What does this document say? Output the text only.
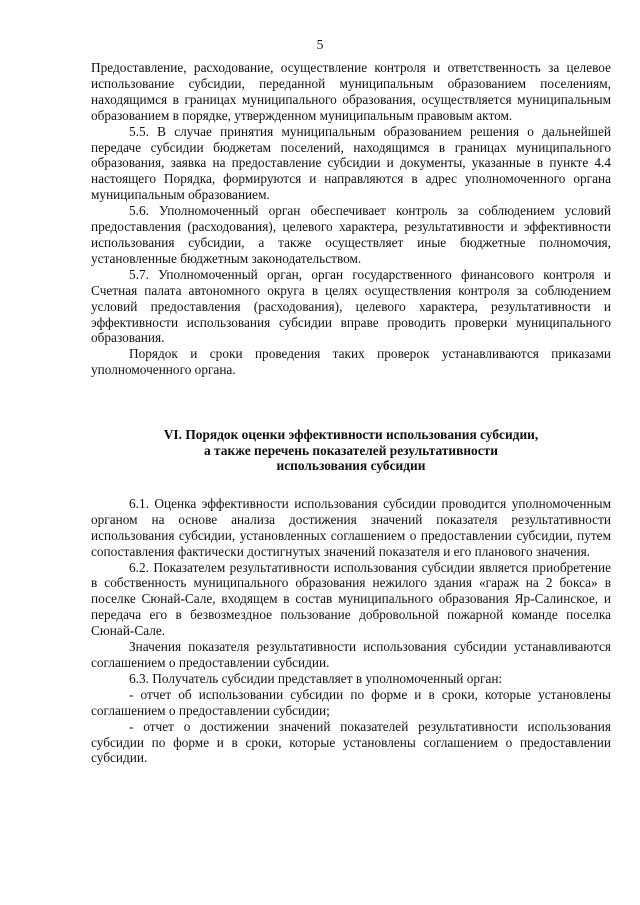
5

Предоставление, расходование, осуществление контроля и ответственность за целевое использование субсидии, переданной муниципальным образованием поселениям, находящимся в границах муниципального образования, осуществляется муниципальным образованием в порядке, утвержденном муниципальным правовым актом.

5.5. В случае принятия муниципальным образованием решения о дальнейшей передаче субсидии бюджетам поселений, находящимся в границах муниципального образования, заявка на предоставление субсидии и документы, указанные в пункте 4.4 настоящего Порядка, формируются и направляются в адрес уполномоченного органа муниципальным образованием.

5.6. Уполномоченный орган обеспечивает контроль за соблюдением условий предоставления (расходования), целевого характера, результативности и эффективности использования субсидии, а также осуществляет иные бюджетные полномочия, установленные бюджетным законодательством.

5.7. Уполномоченный орган, орган государственного финансового контроля и Счетная палата автономного округа в целях осуществления контроля за соблюдением условий предоставления (расходования), целевого характера, результативности и эффективности использования субсидии вправе проводить проверки муниципального образования.

Порядок и сроки проведения таких проверок устанавливаются приказами уполномоченного органа.

VI. Порядок оценки эффективности использования субсидии,
а также перечень показателей результативности
использования субсидии

6.1. Оценка эффективности использования субсидии проводится уполномоченным органом на основе анализа достижения значений показателя результативности использования субсидии, установленных соглашением о предоставлении субсидии, путем сопоставления фактически достигнутых значений показателя и его планового значения.

6.2. Показателем результативности использования субсидии является приобретение в собственность муниципального образования нежилого здания «гараж на 2 бокса» в поселке Сюнай-Сале, входящем в состав муниципального образования Яр-Салинское, и передача его в безвозмездное пользование добровольной пожарной команде поселка Сюнай-Сале.

Значения показателя результативности использования субсидии устанавливаются соглашением о предоставлении субсидии.

6.3. Получатель субсидии представляет в уполномоченный орган:

- отчет об использовании субсидии по форме и в сроки, которые установлены соглашением о предоставлении субсидии;

- отчет о достижении значений показателей результативности использования субсидии по форме и в сроки, которые установлены соглашением о предоставлении субсидии.
